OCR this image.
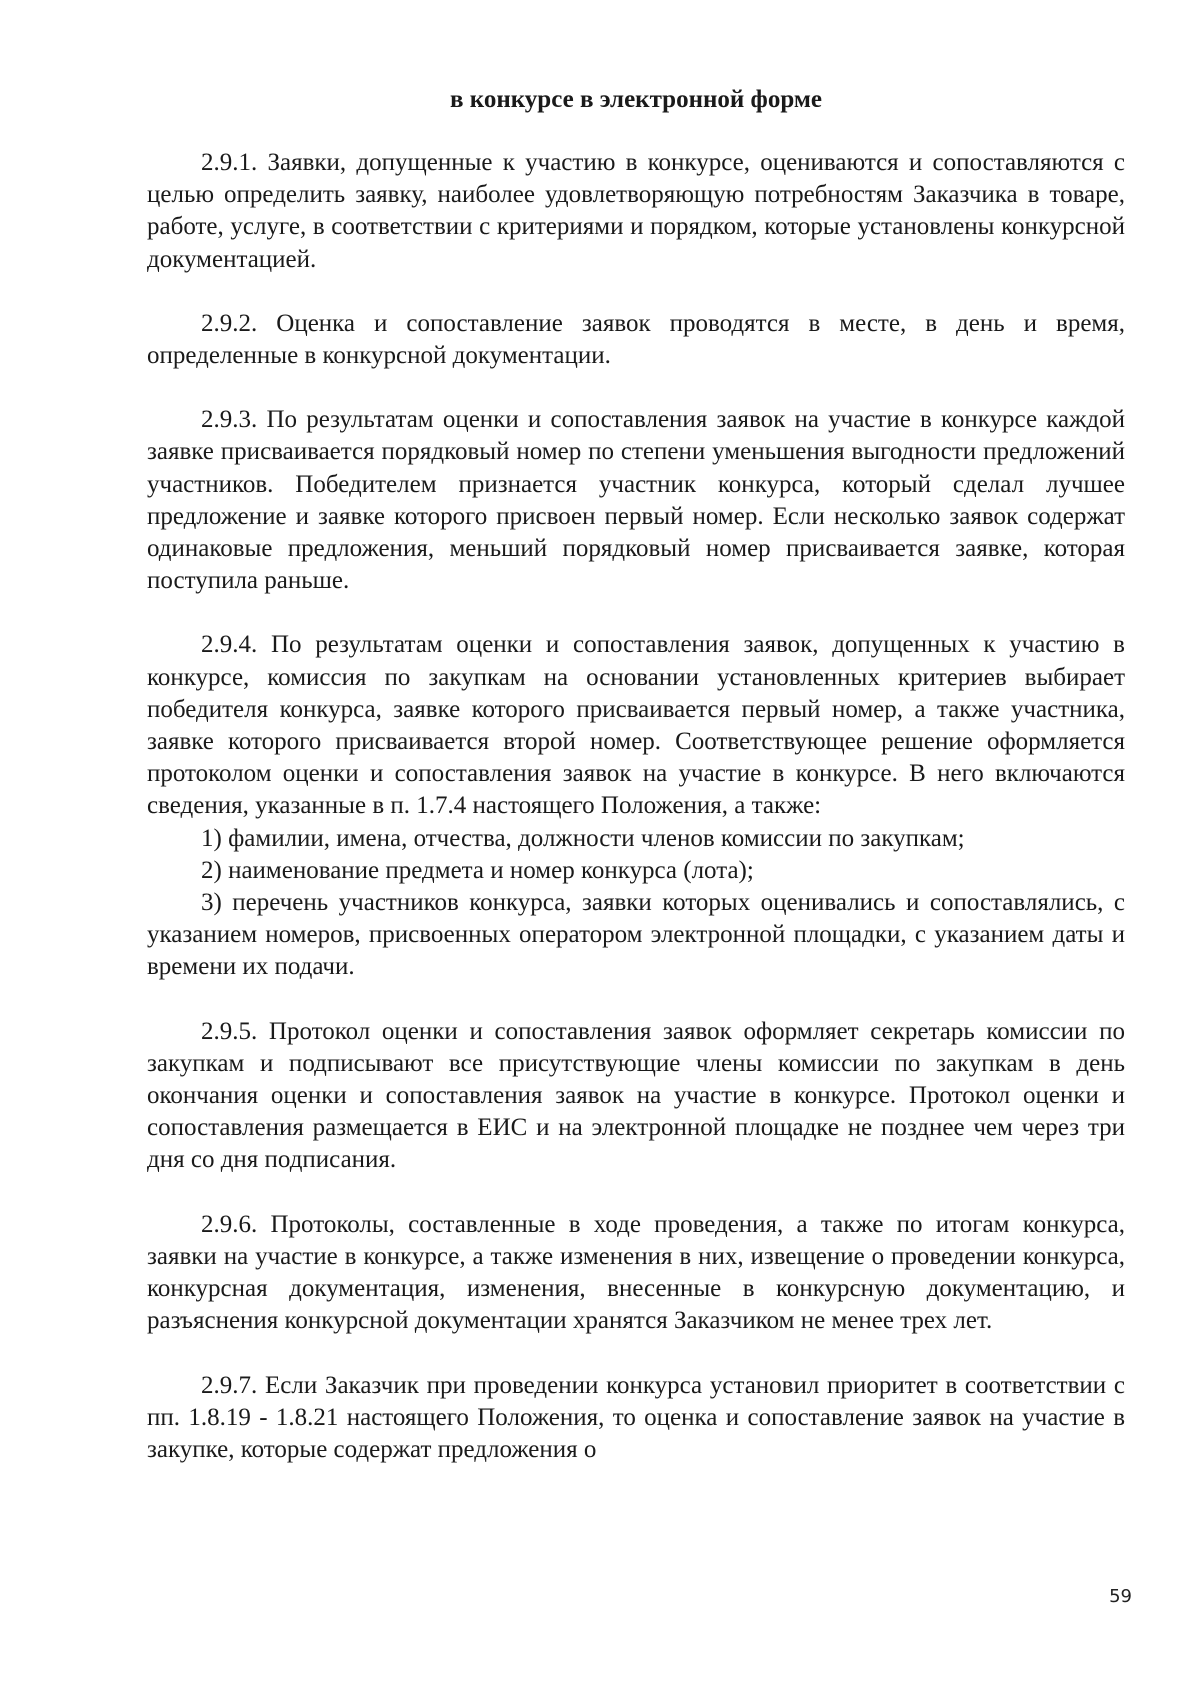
в конкурсе в электронной форме

2.9.1. Заявки, допущенные к участию в конкурсе, оцениваются и сопоставляются с целью определить заявку, наиболее удовлетворяющую потребностям Заказчика в товаре, работе, услуге, в соответствии с критериями и порядком, которые установлены конкурсной документацией.

2.9.2. Оценка и сопоставление заявок проводятся в месте, в день и время, определенные в конкурсной документации.

2.9.3. По результатам оценки и сопоставления заявок на участие в конкурсе каждой заявке присваивается порядковый номер по степени уменьшения выгодности предложений участников. Победителем признается участник конкурса, который сделал лучшее предложение и заявке которого присвоен первый номер. Если несколько заявок содержат одинаковые предложения, меньший порядковый номер присваивается заявке, которая поступила раньше.

2.9.4. По результатам оценки и сопоставления заявок, допущенных к участию в конкурсе, комиссия по закупкам на основании установленных критериев выбирает победителя конкурса, заявке которого присваивается первый номер, а также участника, заявке которого присваивается второй номер. Соответствующее решение оформляется протоколом оценки и сопоставления заявок на участие в конкурсе. В него включаются сведения, указанные в п. 1.7.4 настоящего Положения, а также:

1) фамилии, имена, отчества, должности членов комиссии по закупкам;

2) наименование предмета и номер конкурса (лота);

3) перечень участников конкурса, заявки которых оценивались и сопоставлялись, с указанием номеров, присвоенных оператором электронной площадки, с указанием даты и времени их подачи.

2.9.5. Протокол оценки и сопоставления заявок оформляет секретарь комиссии по закупкам и подписывают все присутствующие члены комиссии по закупкам в день окончания оценки и сопоставления заявок на участие в конкурсе. Протокол оценки и сопоставления размещается в ЕИС и на электронной площадке не позднее чем через три дня со дня подписания.

2.9.6. Протоколы, составленные в ходе проведения, а также по итогам конкурса, заявки на участие в конкурсе, а также изменения в них, извещение о проведении конкурса, конкурсная документация, изменения, внесенные в конкурсную документацию, и разъяснения конкурсной документации хранятся Заказчиком не менее трех лет.

2.9.7. Если Заказчик при проведении конкурса установил приоритет в соответствии с пп. 1.8.19 - 1.8.21 настоящего Положения, то оценка и сопоставление заявок на участие в закупке, которые содержат предложения о

59
